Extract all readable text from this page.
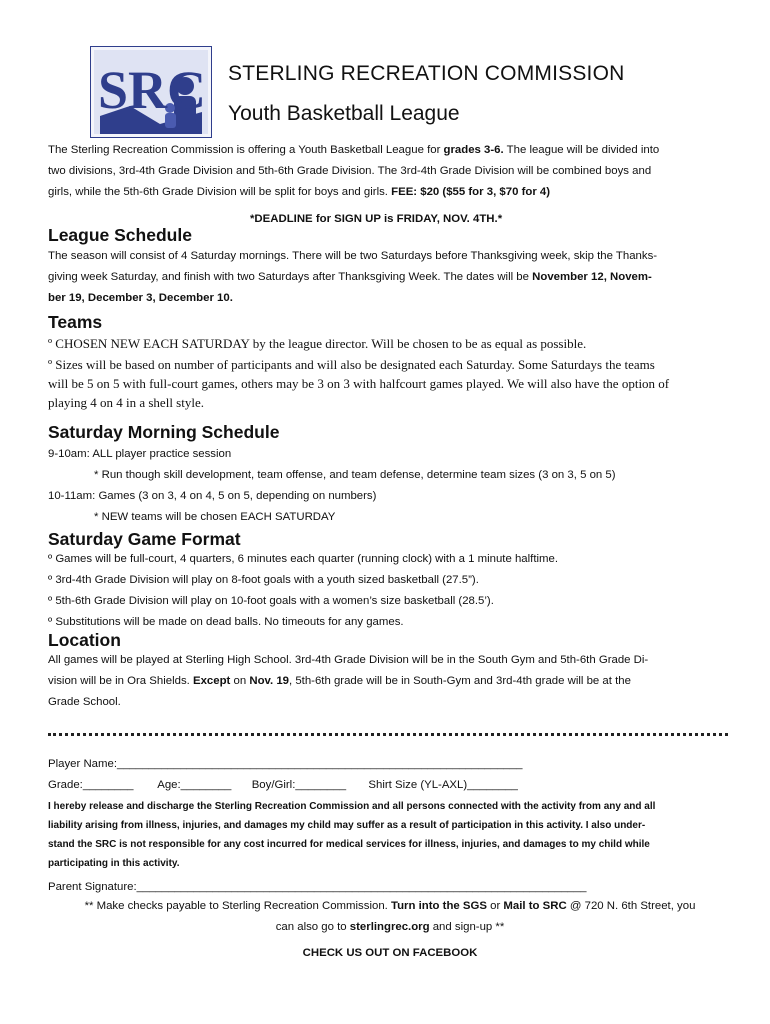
SRC STERLING RECREATION COMMISSION
Youth Basketball League
The Sterling Recreation Commission is offering a Youth Basketball League for grades 3-6. The league will be divided into
two divisions, 3rd-4th Grade Division and 5th-6th Grade Division. The 3rd-4th Grade Division will be combined boys and
girls, while the 5th-6th Grade Division will be split for boys and girls. FEE: $20 ($55 for 3, $70 for 4)
*DEADLINE for SIGN UP is FRIDAY, NOV. 4TH.*
League Schedule
The season will consist of 4 Saturday mornings. There will be two Saturdays before Thanksgiving week, skip the Thanks-
giving week Saturday, and finish with two Saturdays after Thanksgiving Week. The dates will be November 12, Novem-
ber 19, December 3, December 10.
Teams
º CHOSEN NEW EACH SATURDAY by the league director. Will be chosen to be as equal as possible.
º Sizes will be based on number of participants and will also be designated each Saturday. Some Saturdays the teams
will be 5 on 5 with full-court games, others may be 3 on 3 with halfcourt games played. We will also have the option of
playing 4 on 4 in a shell style.
Saturday Morning Schedule
9-10am: ALL player practice session
* Run though skill development, team offense, and team defense, determine team sizes (3 on 3, 5 on 5)
10-11am: Games (3 on 3, 4 on 4, 5 on 5, depending on numbers)
* NEW teams will be chosen EACH SATURDAY
Saturday Game Format
º Games will be full-court, 4 quarters, 6 minutes each quarter (running clock) with a 1 minute halftime.
º 3rd-4th Grade Division will play on 8-foot goals with a youth sized basketball (27.5”).
º 5th-6th Grade Division will play on 10-foot goals with a women’s size basketball (28.5’).
º Substitutions will be made on dead balls. No timeouts for any games.
Location
All games will be played at Sterling High School. 3rd-4th Grade Division will be in the South Gym and 5th-6th Grade Di-
vision will be in Ora Shields. Except on Nov. 19, 5th-6th grade will be in South-Gym and 3rd-4th grade will be at the
Grade School.
Player Name:________________________________________________________________
Grade:________ Age:________ Boy/Girl:________ Shirt Size (YL-AXL)________
I hereby release and discharge the Sterling Recreation Commission and all persons connected with the activity from any and all
liability arising from illness, injuries, and damages my child may suffer as a result of participation in this activity. I also under-
stand the SRC is not responsible for any cost incurred for medical services for illness, injuries, and damages to my child while
participating in this activity.
Parent Signature:_______________________________________________________________________
** Make checks payable to Sterling Recreation Commission. Turn into the SGS or Mail to SRC @ 720 N. 6th Street, you
can also go to sterlingrec.org and sign-up **
CHECK US OUT ON FACEBOOK
